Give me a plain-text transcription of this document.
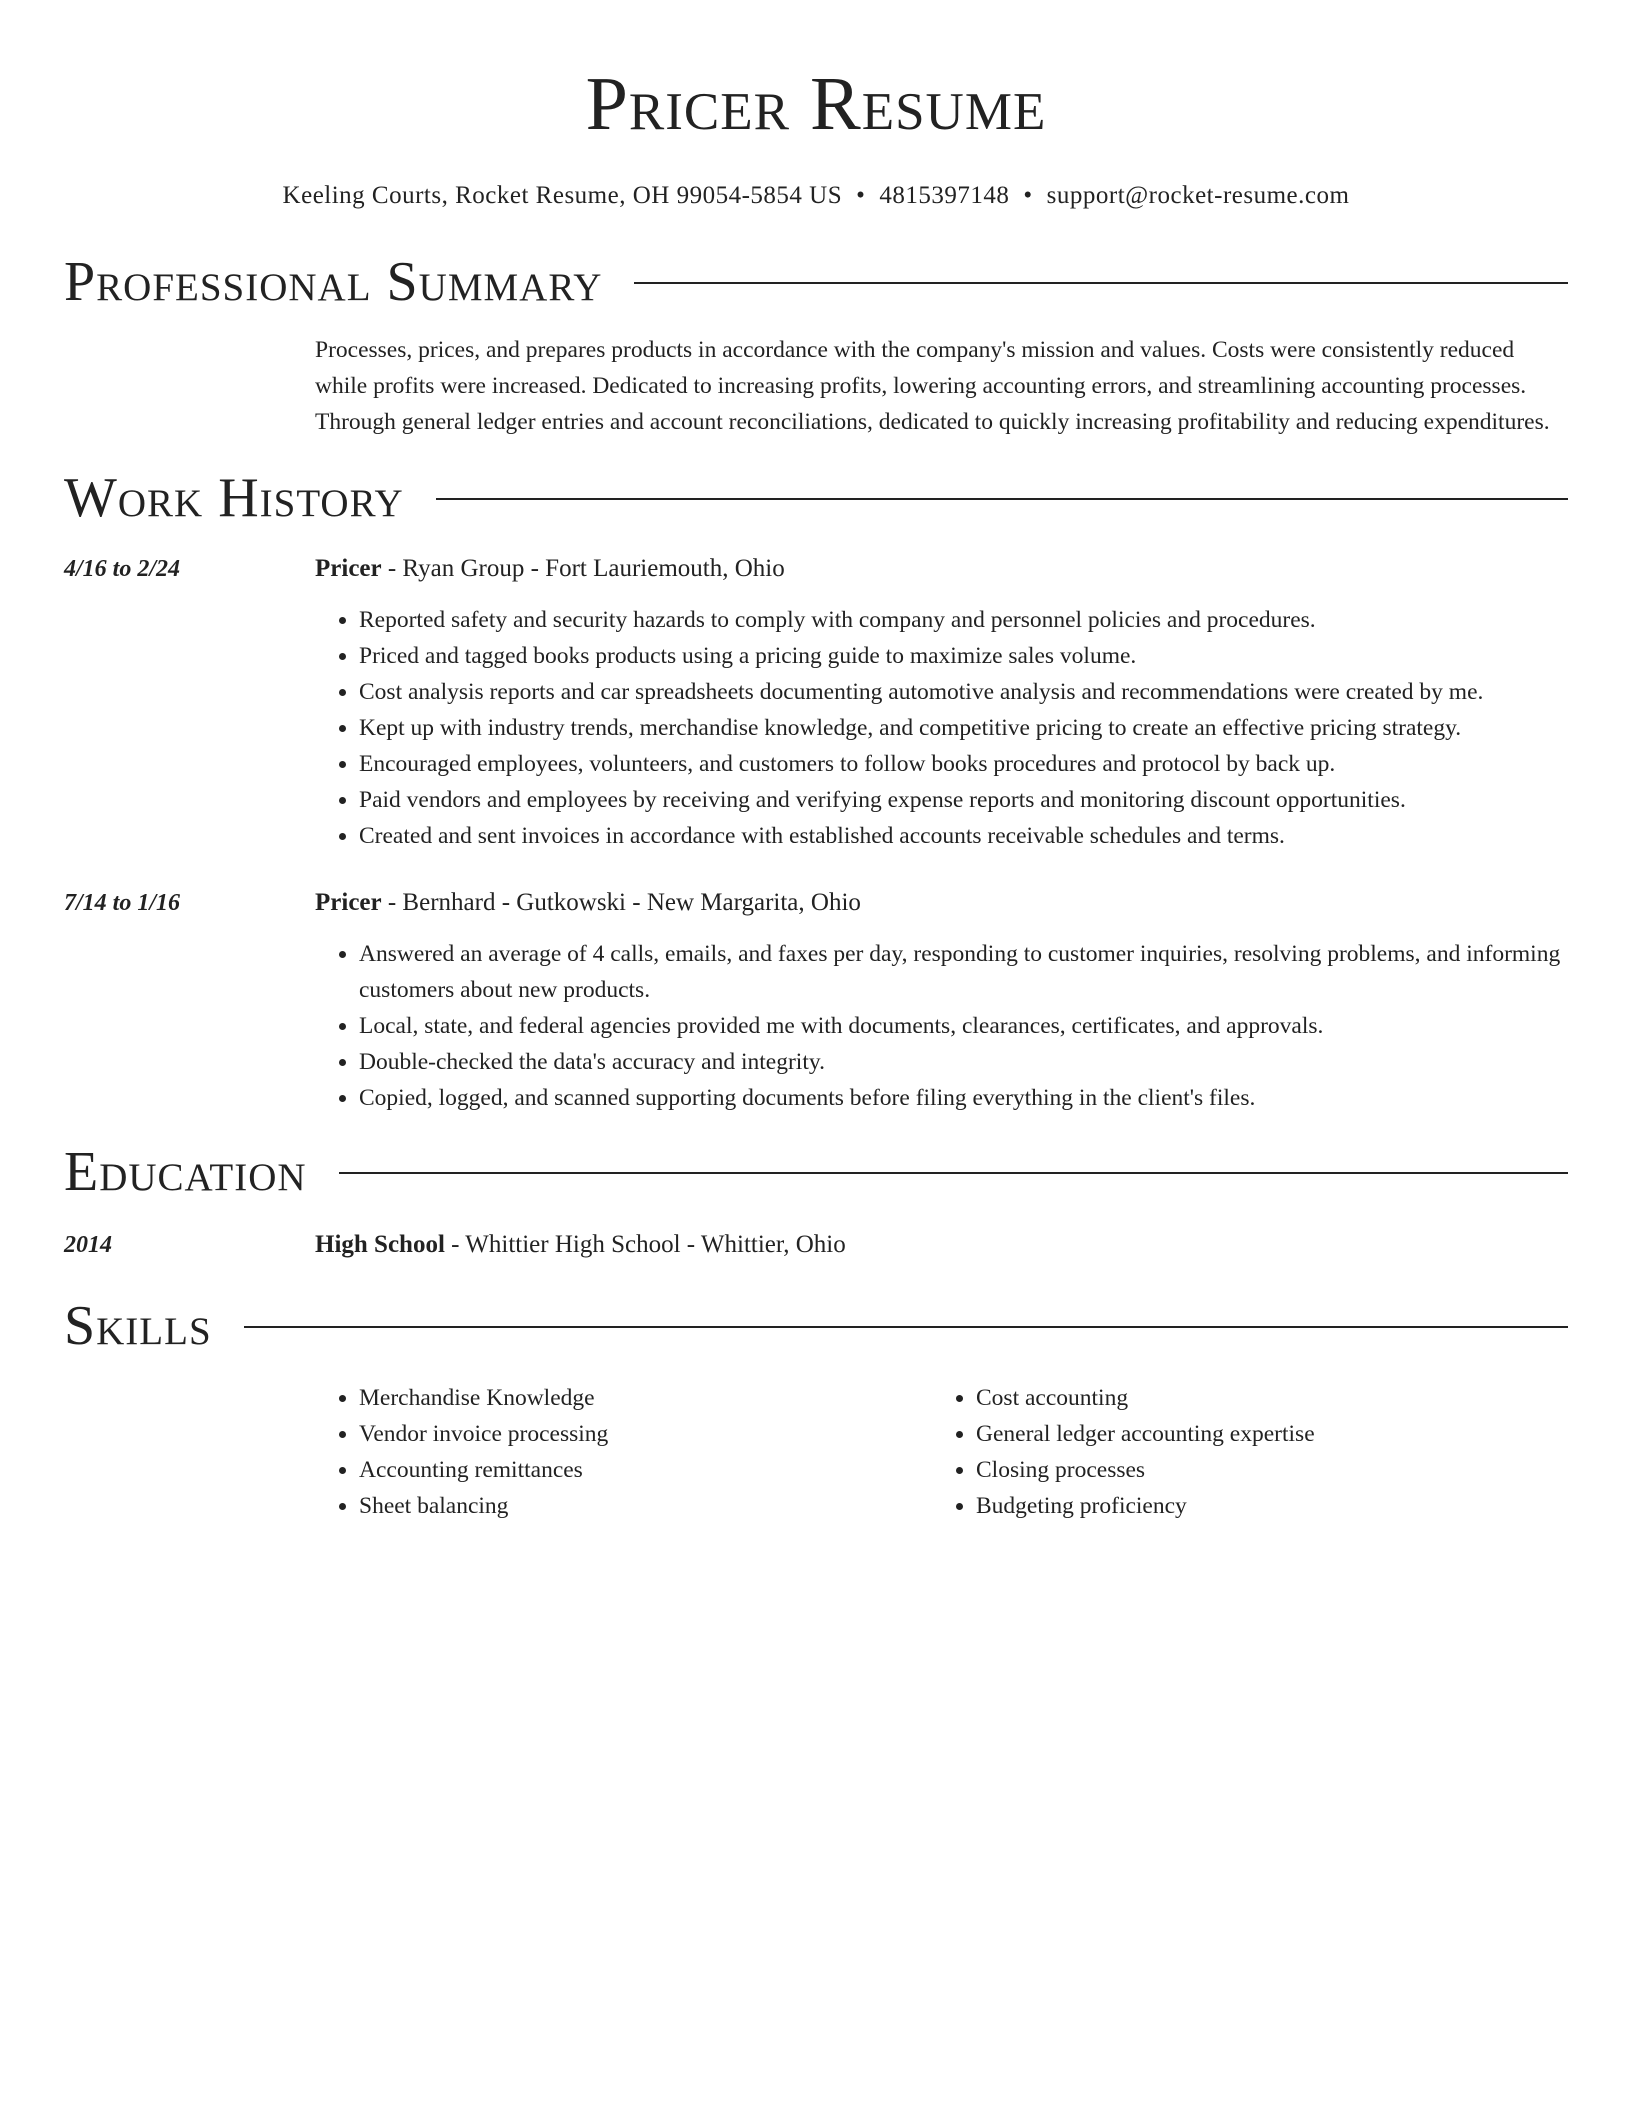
Pricer Resume
Keeling Courts, Rocket Resume, OH 99054-5854 US • 4815397148 • support@rocket-resume.com
Professional Summary
Processes, prices, and prepares products in accordance with the company's mission and values. Costs were consistently reduced while profits were increased. Dedicated to increasing profits, lowering accounting errors, and streamlining accounting processes. Through general ledger entries and account reconciliations, dedicated to quickly increasing profitability and reducing expenditures.
Work History
4/16 to 2/24	Pricer - Ryan Group - Fort Lauriemouth, Ohio
• Reported safety and security hazards to comply with company and personnel policies and procedures.
• Priced and tagged books products using a pricing guide to maximize sales volume.
• Cost analysis reports and car spreadsheets documenting automotive analysis and recommendations were created by me.
• Kept up with industry trends, merchandise knowledge, and competitive pricing to create an effective pricing strategy.
• Encouraged employees, volunteers, and customers to follow books procedures and protocol by back up.
• Paid vendors and employees by receiving and verifying expense reports and monitoring discount opportunities.
• Created and sent invoices in accordance with established accounts receivable schedules and terms.
7/14 to 1/16	Pricer - Bernhard - Gutkowski - New Margarita, Ohio
• Answered an average of 4 calls, emails, and faxes per day, responding to customer inquiries, resolving problems, and informing customers about new products.
• Local, state, and federal agencies provided me with documents, clearances, certificates, and approvals.
• Double-checked the data's accuracy and integrity.
• Copied, logged, and scanned supporting documents before filing everything in the client's files.
Education
2014	High School - Whittier High School - Whittier, Ohio
Skills
• Merchandise Knowledge
• Vendor invoice processing
• Accounting remittances
• Sheet balancing
• Cost accounting
• General ledger accounting expertise
• Closing processes
• Budgeting proficiency
